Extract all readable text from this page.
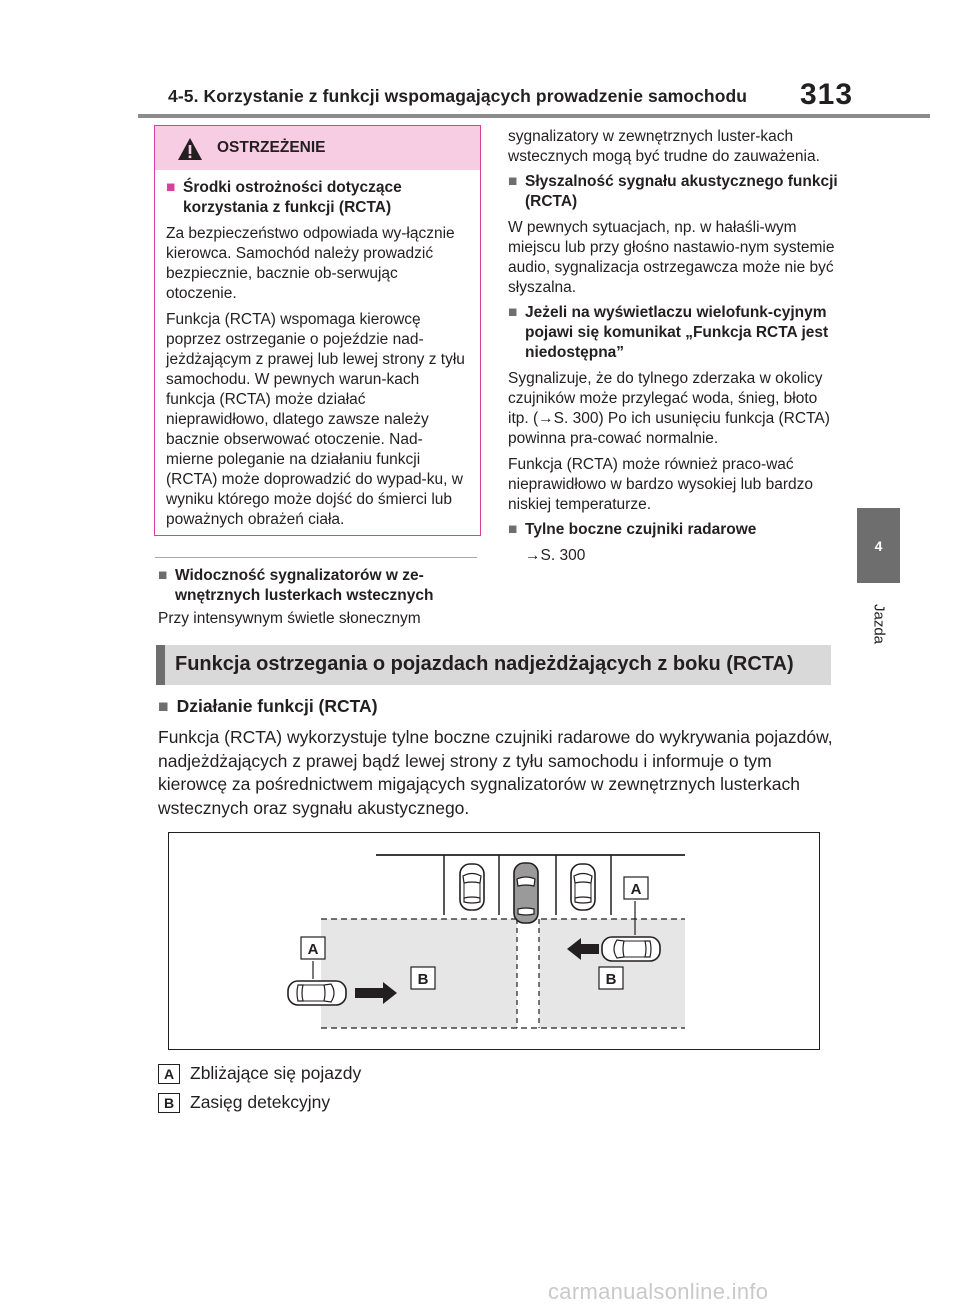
4-5. Korzystanie z funkcji wspomagających prowadzenie samochodu 313
4
Jazda
OSTRZEŻENIE
■ Środki ostrożności dotyczące korzystania z funkcji (RCTA)
Za bezpieczeństwo odpowiada wy-łącznie kierowca. Samochód należy prowadzić bezpiecznie, bacznie ob-serwując otoczenie.
Funkcja (RCTA) wspomaga kierowcę poprzez ostrzeganie o pojeździe nad-jeżdżającym z prawej lub lewej strony z tyłu samochodu. W pewnych warun-kach funkcja (RCTA) może działać nieprawidłowo, dlatego zawsze należy bacznie obserwować otoczenie. Nad-mierne poleganie na działaniu funkcji (RCTA) może doprowadzić do wypad-ku, w wyniku którego może dojść do śmierci lub poważnych obrażeń ciała.
■ Widoczność sygnalizatorów w ze-wnętrznych lusterkach wstecznych
Przy intensywnym świetle słonecznym
sygnalizatory w zewnętrznych luster-kach wstecznych mogą być trudne do zauważenia.
■ Słyszalność sygnału akustycznego funkcji (RCTA)
W pewnych sytuacjach, np. w hałaśli-wym miejscu lub przy głośno nastawio-nym systemie audio, sygnalizacja ostrzegawcza może nie być słyszalna.
■ Jeżeli na wyświetlaczu wielofunk-cyjnym pojawi się komunikat „Funkcja RCTA jest niedostępna”
Sygnalizuje, że do tylnego zderzaka w okolicy czujników może przylegać woda, śnieg, błoto itp. (→S. 300) Po ich usunięciu funkcja (RCTA) powinna pra-cować normalnie.
Funkcja (RCTA) może również praco-wać nieprawidłowo w bardzo wysokiej lub bardzo niskiej temperaturze.
■ Tylne boczne czujniki radarowe
→S. 300
Funkcja ostrzegania o pojazdach nadjeżdżających z boku (RCTA)
■ Działanie funkcji (RCTA)
Funkcja (RCTA) wykorzystuje tylne boczne czujniki radarowe do wykrywania pojazdów, nadjeżdżających z prawej bądź lewej strony z tyłu samochodu i informuje o tym kierowcę za pośrednictwem migających sygnalizatorów w zewnętrznych lusterkach wstecznych oraz sygnału akustycznego.
A
A
B	B
A Zbliżające się pojazdy
B Zasięg detekcyjny
carmanualsonline.info
